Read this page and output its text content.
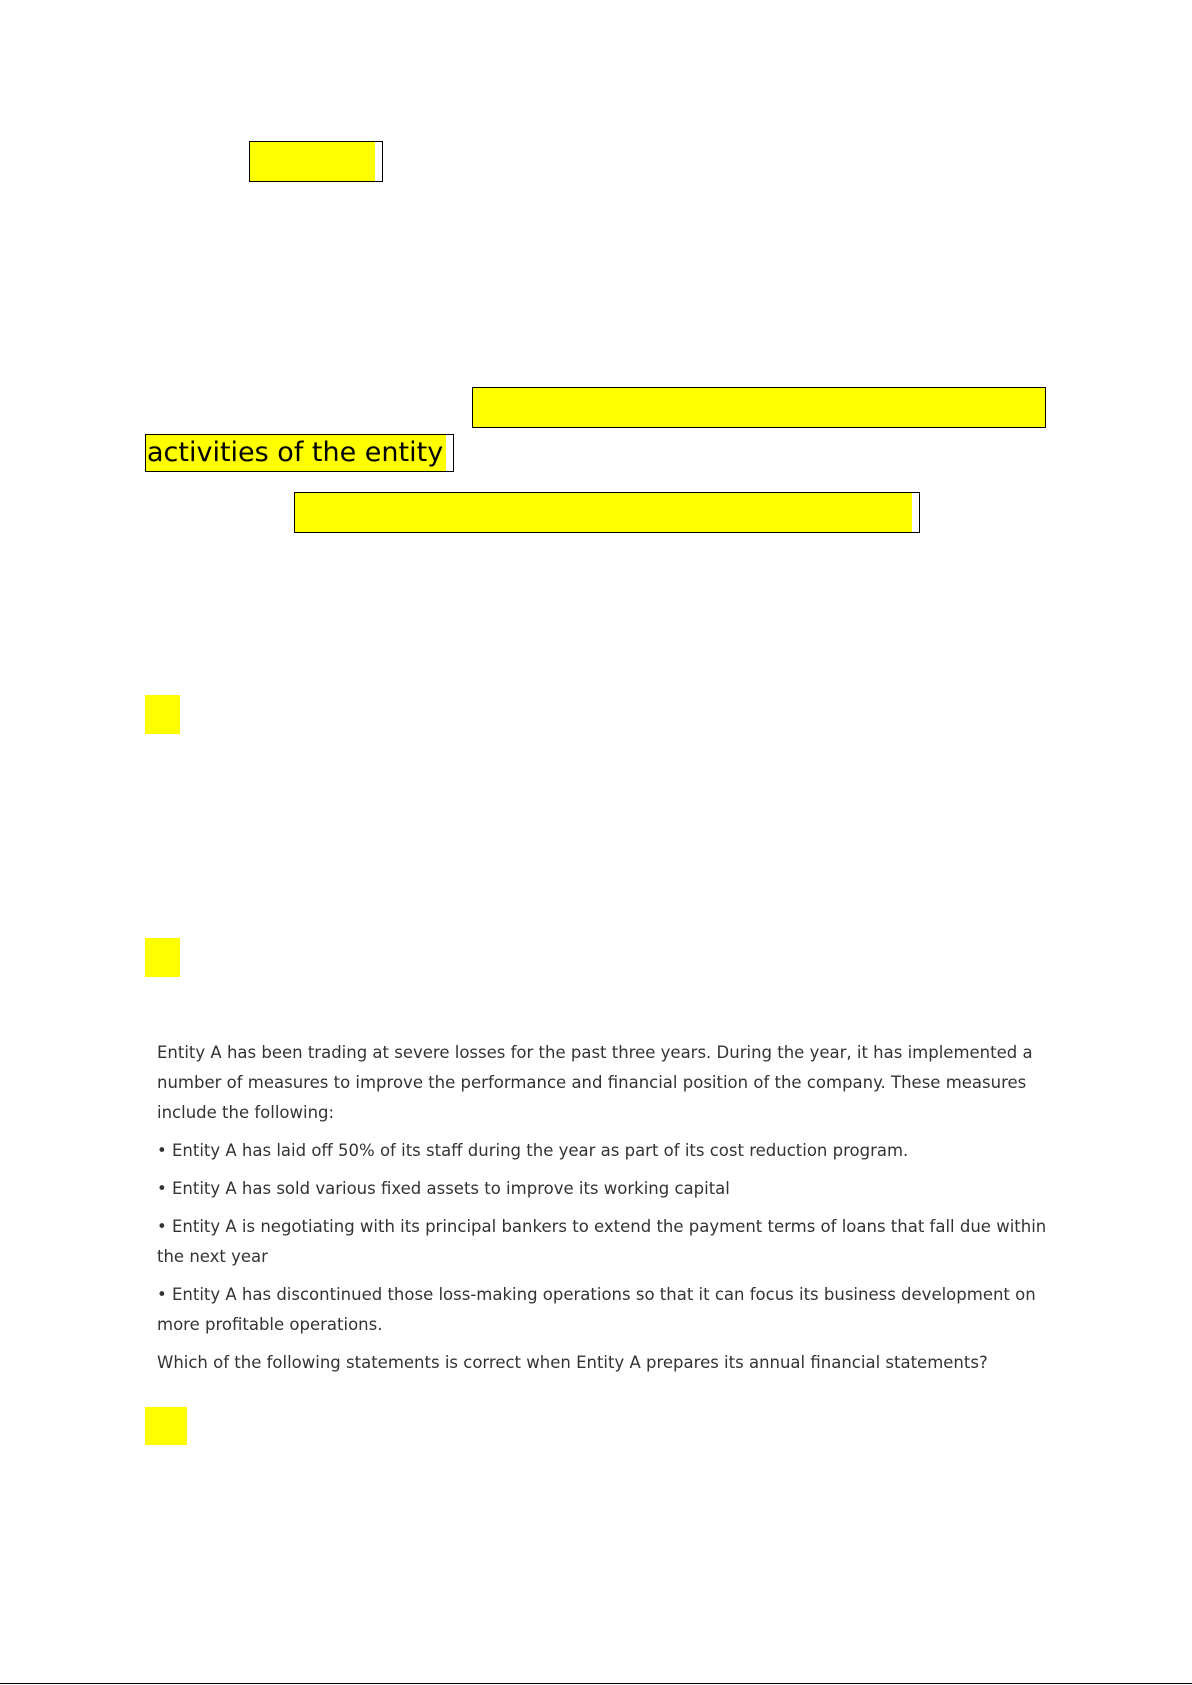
activities of the entity

Entity A has been trading at severe losses for the past three years. During the year, it has implemented a number of measures to improve the performance and financial position of the company. These measures include the following:

• Entity A has laid off 50% of its staff during the year as part of its cost reduction program.

• Entity A has sold various fixed assets to improve its working capital

• Entity A is negotiating with its principal bankers to extend the payment terms of loans that fall due within the next year

• Entity A has discontinued those loss-making operations so that it can focus its business development on more profitable operations.

Which of the following statements is correct when Entity A prepares its annual financial statements?
